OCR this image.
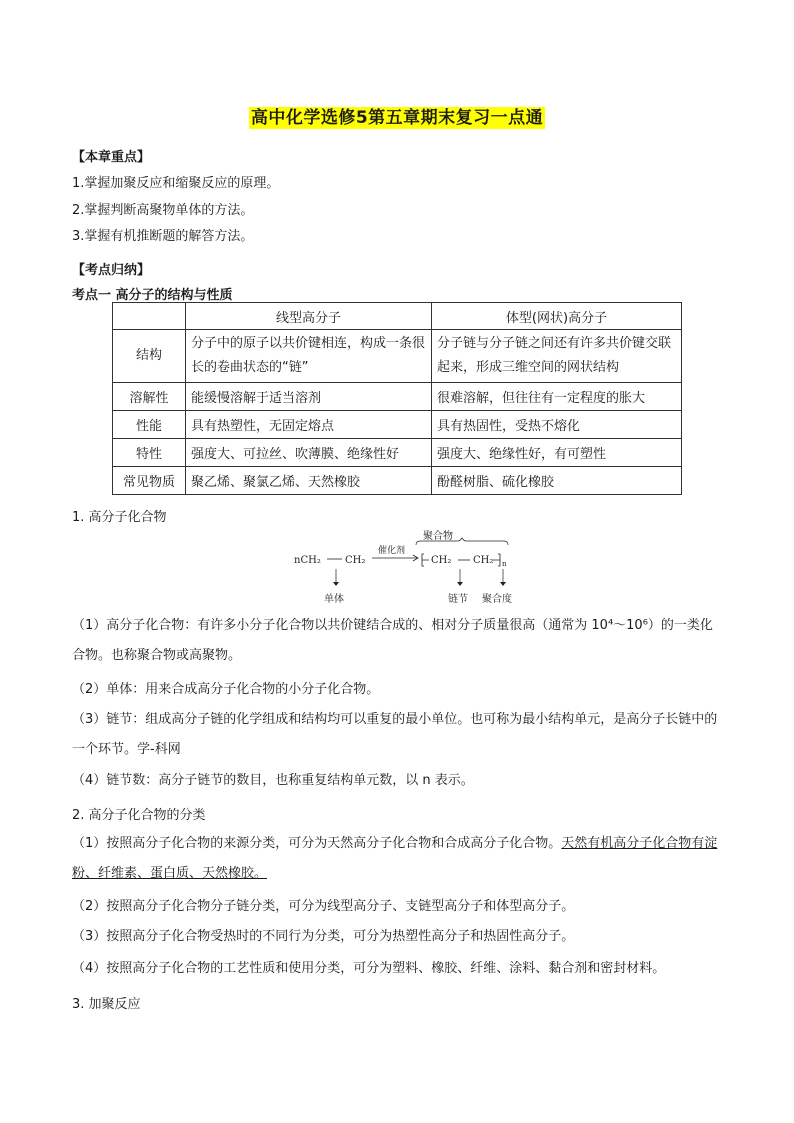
高中化学选修5第五章期末复习一点通
【本章重点】
1.掌握加聚反应和缩聚反应的原理。
2.掌握判断高聚物单体的方法。
3.掌握有机推断题的解答方法。
【考点归纳】
考点一 高分子的结构与性质
	线型高分子	体型(网状)高分子
结构	分子中的原子以共价键相连，构成一条很长的卷曲状态的“链”	分子链与分子链之间还有许多共价键交联起来，形成三维空间的网状结构
溶解性	能缓慢溶解于适当溶剂	很难溶解，但往往有一定程度的胀大
性能	具有热塑性，无固定熔点	具有热固性，受热不熔化
特性	强度大、可拉丝、吹薄膜、绝缘性好	强度大、绝缘性好，有可塑性
常见物质	聚乙烯、聚氯乙烯、天然橡胶	酚醛树脂、硫化橡胶
1. 高分子化合物
聚合物
nCH₂ CH₂
催化剂
CH₂ CH₂ n
单体	链节 聚合度
（1）高分子化合物：有许多小分子化合物以共价键结合成的、相对分子质量很高（通常为 10⁴～10⁶）的一类化合物。也称聚合物或高聚物。
（2）单体：用来合成高分子化合物的小分子化合物。
（3）链节：组成高分子链的化学组成和结构均可以重复的最小单位。也可称为最小结构单元，是高分子长链中的一个环节。学-科网
（4）链节数：高分子链节的数目，也称重复结构单元数，以 n 表示。
2. 高分子化合物的分类
（1）按照高分子化合物的来源分类，可分为天然高分子化合物和合成高分子化合物。天然有机高分子化合物有淀粉、纤维素、蛋白质、天然橡胶。
（2）按照高分子化合物分子链分类，可分为线型高分子、支链型高分子和体型高分子。
（3）按照高分子化合物受热时的不同行为分类，可分为热塑性高分子和热固性高分子。
（4）按照高分子化合物的工艺性质和使用分类，可分为塑料、橡胶、纤维、涂料、黏合剂和密封材料。
3. 加聚反应
